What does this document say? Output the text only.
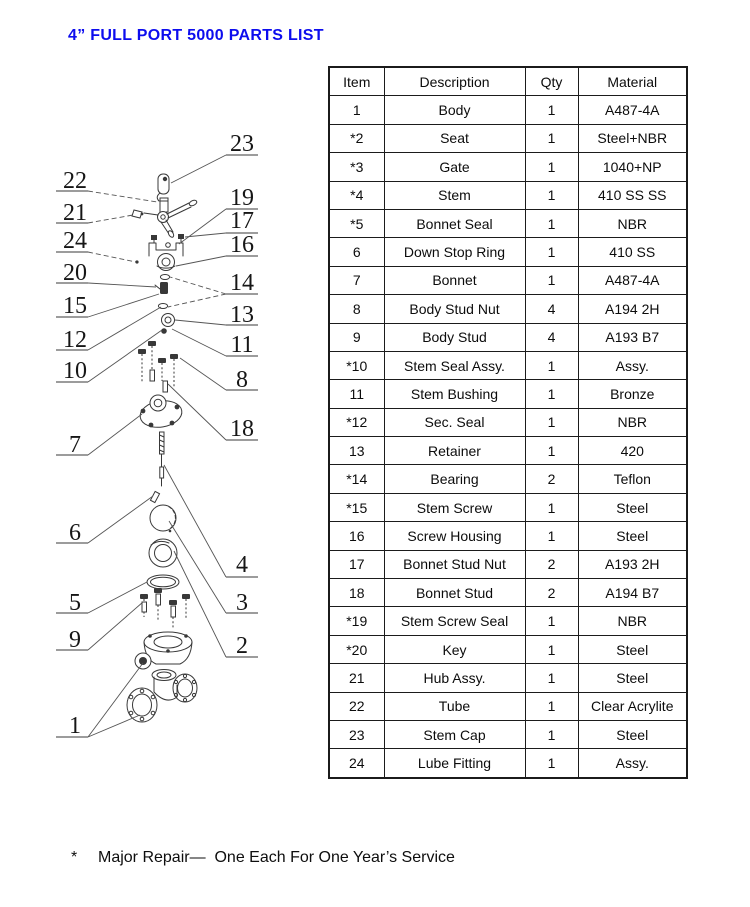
4” FULL PORT 5000 PARTS LIST
Item	Description	Qty	Material
1	Body	1	A487-4A
*2	Seat	1	Steel+NBR
*3	Gate	1	1040+NP
*4	Stem	1	410 SS SS
*5	Bonnet Seal	1	NBR
6	Down Stop Ring	1	410 SS
7	Bonnet	1	A487-4A
8	Body Stud Nut	4	A194 2H
9	Body Stud	4	A193 B7
*10	Stem Seal Assy.	1	Assy.
11	Stem Bushing	1	Bronze
*12	Sec. Seal	1	NBR
13	Retainer	1	420
*14	Bearing	2	Teflon
*15	Stem Screw	1	Steel
16	Screw Housing	1	Steel
17	Bonnet Stud Nut	2	A193 2H
18	Bonnet Stud	2	A194 B7
*19	Stem Screw Seal	1	NBR
*20	Key	1	Steel
21	Hub Assy.	1	Steel
22	Tube	1	Clear Acrylite
23	Stem Cap	1	Steel
24	Lube Fitting	1	Assy.
22
21
24
20
15
12
10
7
6
5
9
1
23
19
17
16
14
13
11
8
18
4
3
2
* Major Repair—  One Each For One Year’s Service
